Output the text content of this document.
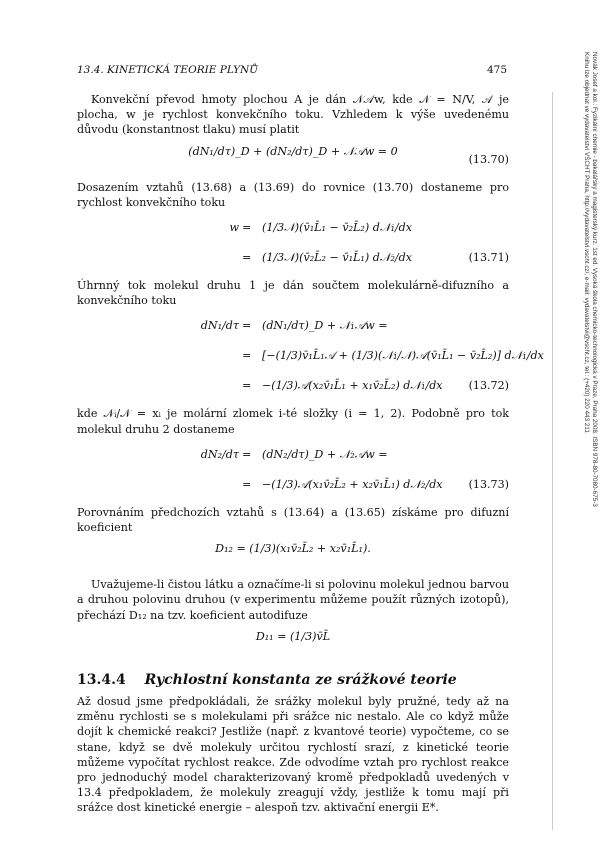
13.4. KINETICKÁ TEORIE PLYNŮ	475

Konvekční převod hmoty plochou A je dán 𝒩𝒜w, kde 𝒩 = N/V, 𝒜 je plocha, w je rychlost konvekčního toku. Vzhledem k výše uvedenému důvodu (konstantnost tlaku) musí platit

(dN₁/dτ)_D + (dN₂/dτ)_D + 𝒩𝒜w = 0
(13.70)

Dosazením vztahů (13.68) a (13.69) do rovnice (13.70) dostaneme pro rychlost konvekčního toku

w = (1/3𝒩)(v̄₁L̄₁ − v̄₂L̄₂) d𝒩₁/dx
= (1/3𝒩)(v̄₂L̄₂ − v̄₁L̄₁) d𝒩₂/dx	(13.71)

Úhrnný tok molekul druhu 1 je dán součtem molekulárně-difuzního a konvekčního toku

dN₁/dτ = (dN₁/dτ)_D + 𝒩₁𝒜w =
= [−(1/3)v̄₁L̄₁𝒜 + (1/3)(𝒩₁/𝒩)𝒜(v̄₁L̄₁ − v̄₂L̄₂)] d𝒩₁/dx
= −(1/3)𝒜(x₂v̄₁L̄₁ + x₁v̄₂L̄₂) d𝒩₁/dx (13.72)

kde 𝒩ᵢ/𝒩 = xᵢ je molární zlomek i-té složky (i = 1, 2). Podobně pro tok molekul druhu 2 dostaneme

dN₂/dτ = (dN₂/dτ)_D + 𝒩₂𝒜w =
= −(1/3)𝒜(x₁v̄₂L̄₂ + x₂v̄₁L̄₁) d𝒩₂/dx (13.73)

Porovnáním předchozích vztahů s (13.64) a (13.65) získáme pro difuzní koeficient

D₁₂ = (1/3)(x₁v̄₂L̄₂ + x₂v̄₁L̄₁).

Uvažujeme-li čistou látku a označíme-li si polovinu molekul jednou barvou a druhou polovinu druhou (v experimentu můžeme použít různých izotopů), přechází D₁₂ na tzv. koeficient autodifuze

D₁₁ = (1/3)v̄L̄
13.4.4 Rychlostní konstanta ze srážkové teorie

Až dosud jsme předpokládali, že srážky molekul byly pružné, tedy až na změnu rychlosti se s molekulami při srážce nic nestalo. Ale co když může dojít k chemické reakci? Jestliže (např. z kvantové teorie) vypočteme, co se stane, když se dvě molekuly určitou rychlostí srazí, z kinetické teorie můžeme vypočítat rychlost reakce. Zde odvodíme vztah pro rychlost reakce pro jednoduchý model charakterizovaný kromě předpokladů uvedených v 13.4 předpokladem, že molekuly zreagují vždy, jestliže k tomu mají při srážce dost kinetické energie – alespoň tzv. aktivační energii E*.

Novák Josef a kol.: Fyzikální chemie - bakalářský a magisterský kurz. 1st ed. Vysoká škola chemicko-technologická v Praze, Praha 2008. ISBN 978-80-7080-675-3
Knihu lze objednat ve vydavatelství VŠCHT Praha, http://vydavatelstvi.vscht.cz/, e-mail: vydavatelstvi@vscht.cz, tel.: (+420) 220 443 211
